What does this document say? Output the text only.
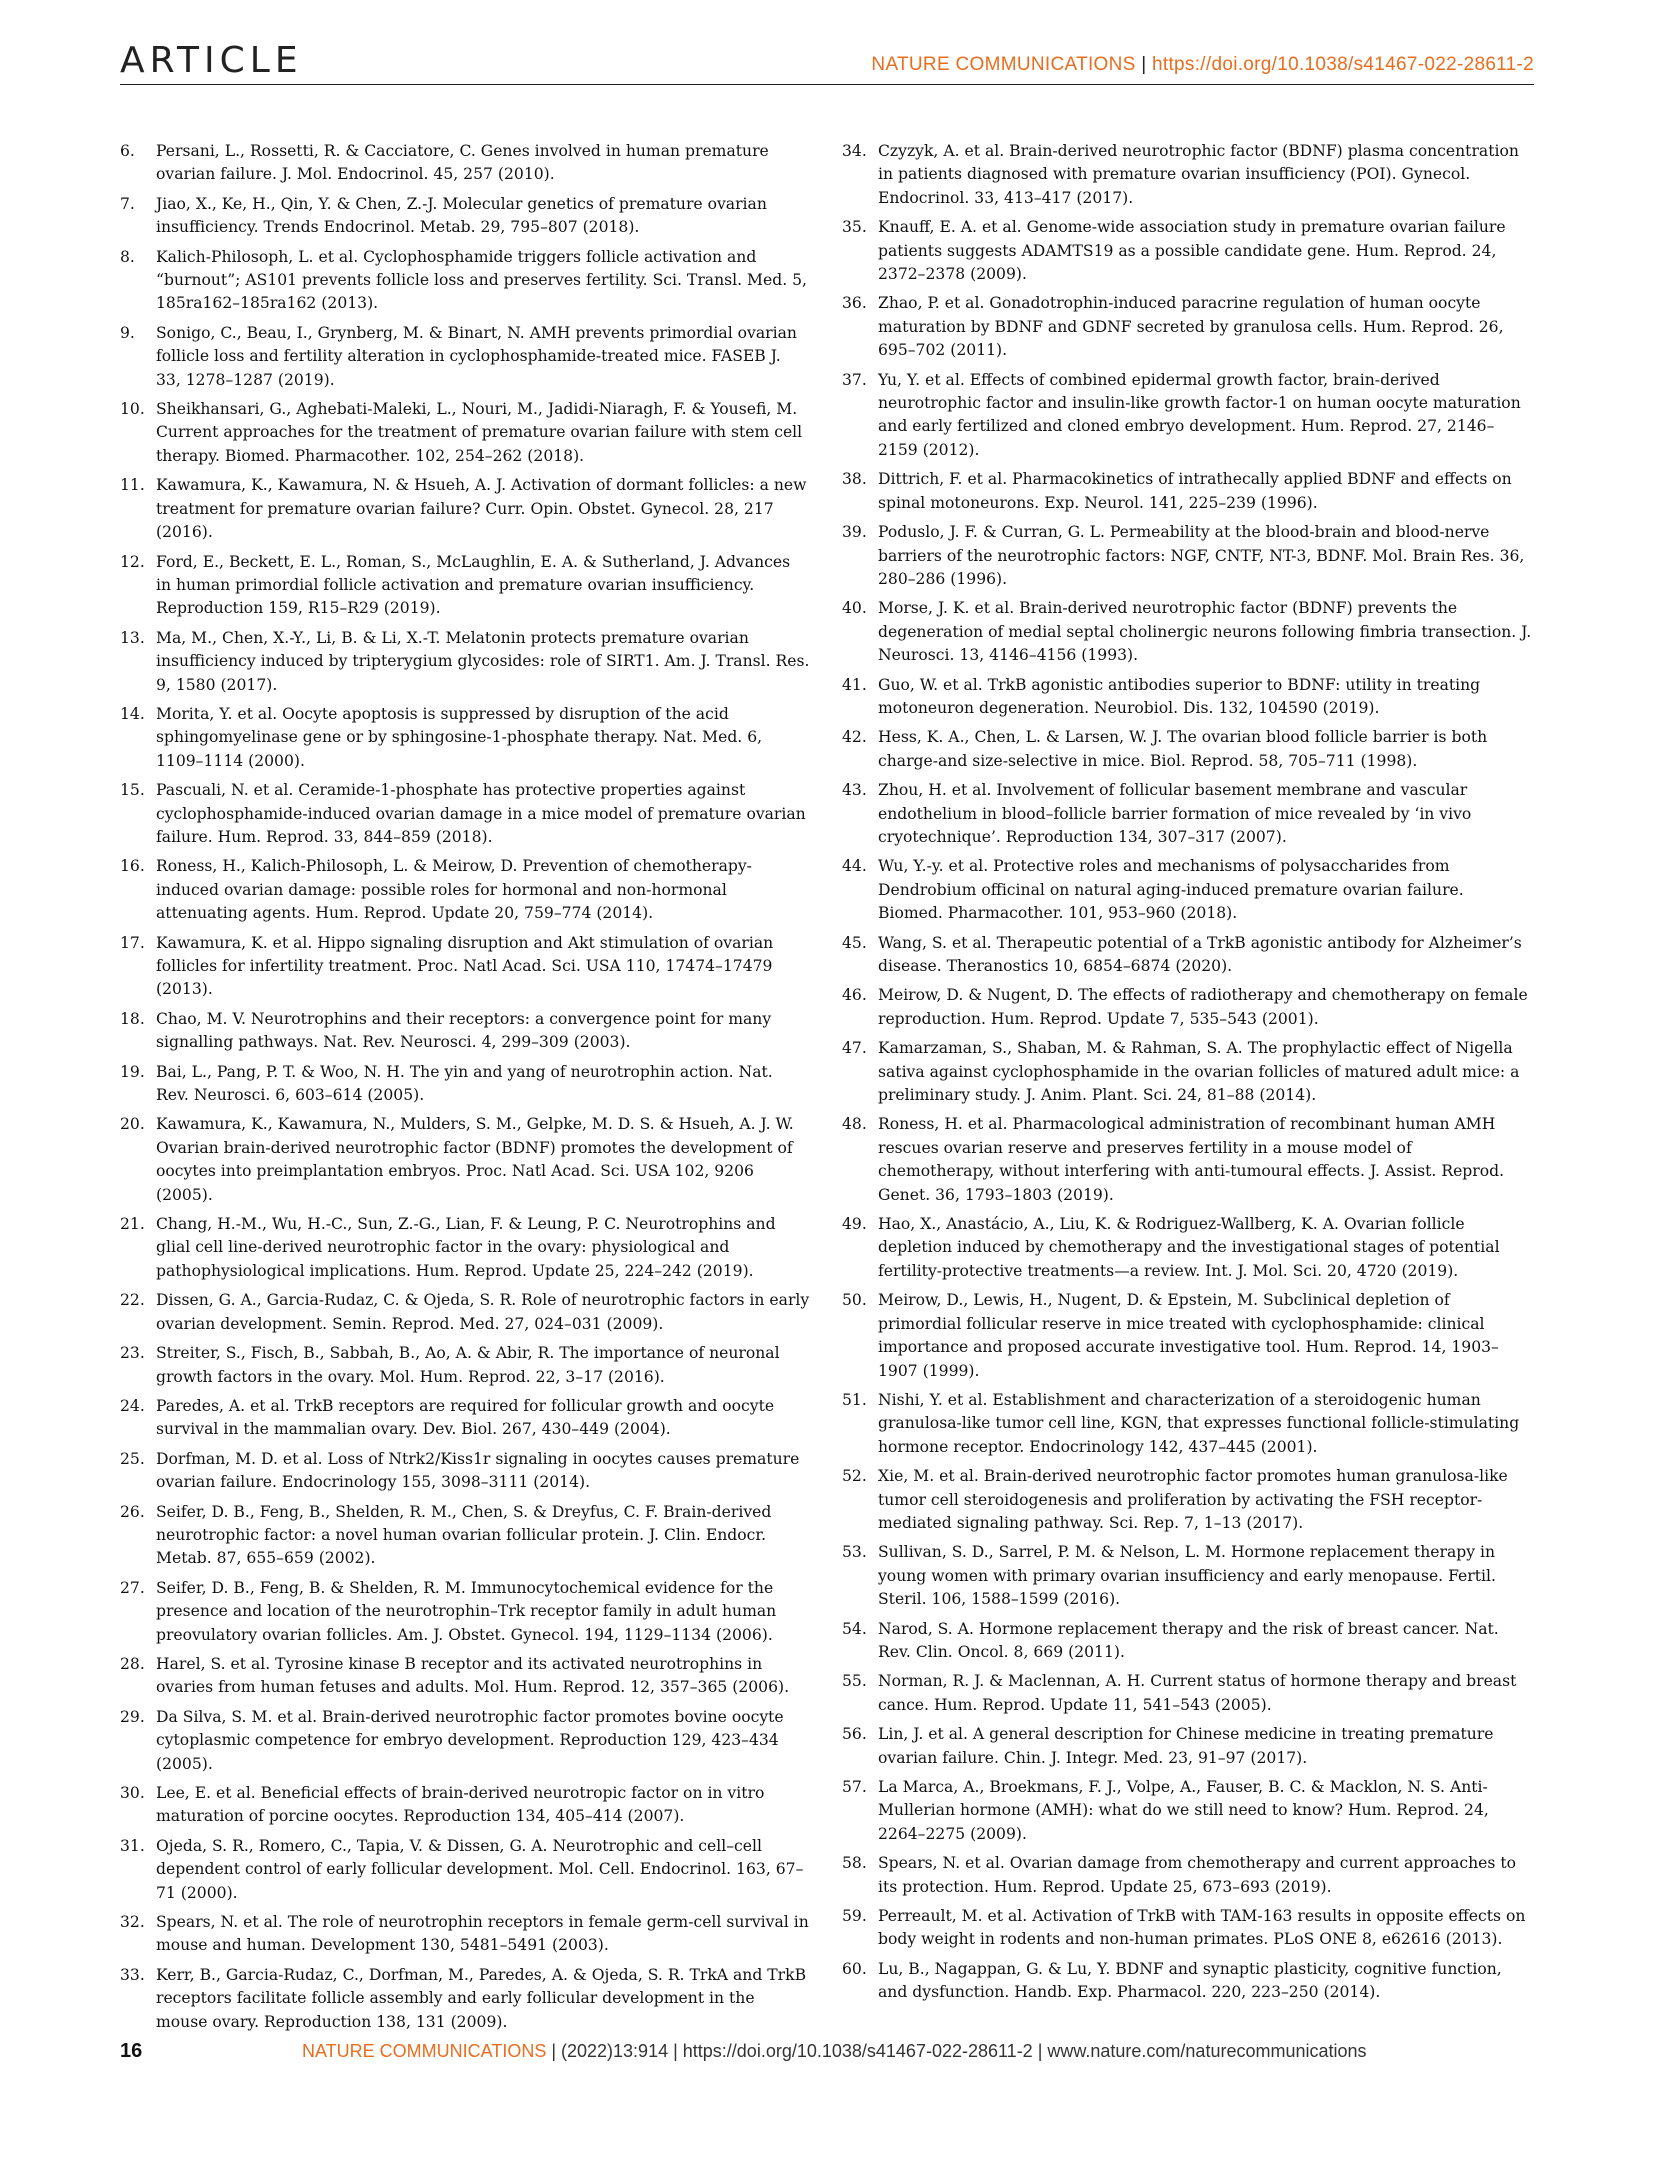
ARTICLE	NATURE COMMUNICATIONS | https://doi.org/10.1038/s41467-022-28611-2
6.	Persani, L., Rossetti, R. & Cacciatore, C. Genes involved in human premature ovarian failure. J. Mol. Endocrinol. 45, 257 (2010).
7.	Jiao, X., Ke, H., Qin, Y. & Chen, Z.-J. Molecular genetics of premature ovarian insufficiency. Trends Endocrinol. Metab. 29, 795–807 (2018).
8.	Kalich-Philosoph, L. et al. Cyclophosphamide triggers follicle activation and “burnout”; AS101 prevents follicle loss and preserves fertility. Sci. Transl. Med. 5, 185ra162–185ra162 (2013).
9.	Sonigo, C., Beau, I., Grynberg, M. & Binart, N. AMH prevents primordial ovarian follicle loss and fertility alteration in cyclophosphamide-treated mice. FASEB J. 33, 1278–1287 (2019).
10. Sheikhansari, G., Aghebati-Maleki, L., Nouri, M., Jadidi-Niaragh, F. & Yousefi, M. Current approaches for the treatment of premature ovarian failure with stem cell therapy. Biomed. Pharmacother. 102, 254–262 (2018).
11. Kawamura, K., Kawamura, N. & Hsueh, A. J. Activation of dormant follicles: a new treatment for premature ovarian failure? Curr. Opin. Obstet. Gynecol. 28, 217 (2016).
12. Ford, E., Beckett, E. L., Roman, S., McLaughlin, E. A. & Sutherland, J. Advances in human primordial follicle activation and premature ovarian insufficiency. Reproduction 159, R15–R29 (2019).
13. Ma, M., Chen, X.-Y., Li, B. & Li, X.-T. Melatonin protects premature ovarian insufficiency induced by tripterygium glycosides: role of SIRT1. Am. J. Transl. Res. 9, 1580 (2017).
14. Morita, Y. et al. Oocyte apoptosis is suppressed by disruption of the acid sphingomyelinase gene or by sphingosine-1-phosphate therapy. Nat. Med. 6, 1109–1114 (2000).
15. Pascuali, N. et al. Ceramide-1-phosphate has protective properties against cyclophosphamide-induced ovarian damage in a mice model of premature ovarian failure. Hum. Reprod. 33, 844–859 (2018).
16. Roness, H., Kalich-Philosoph, L. & Meirow, D. Prevention of chemotherapy-induced ovarian damage: possible roles for hormonal and non-hormonal attenuating agents. Hum. Reprod. Update 20, 759–774 (2014).
17. Kawamura, K. et al. Hippo signaling disruption and Akt stimulation of ovarian follicles for infertility treatment. Proc. Natl Acad. Sci. USA 110, 17474–17479 (2013).
18. Chao, M. V. Neurotrophins and their receptors: a convergence point for many signalling pathways. Nat. Rev. Neurosci. 4, 299–309 (2003).
19. Bai, L., Pang, P. T. & Woo, N. H. The yin and yang of neurotrophin action. Nat. Rev. Neurosci. 6, 603–614 (2005).
20. Kawamura, K., Kawamura, N., Mulders, S. M., Gelpke, M. D. S. & Hsueh, A. J. W. Ovarian brain-derived neurotrophic factor (BDNF) promotes the development of oocytes into preimplantation embryos. Proc. Natl Acad. Sci. USA 102, 9206 (2005).
21. Chang, H.-M., Wu, H.-C., Sun, Z.-G., Lian, F. & Leung, P. C. Neurotrophins and glial cell line-derived neurotrophic factor in the ovary: physiological and pathophysiological implications. Hum. Reprod. Update 25, 224–242 (2019).
22. Dissen, G. A., Garcia-Rudaz, C. & Ojeda, S. R. Role of neurotrophic factors in early ovarian development. Semin. Reprod. Med. 27, 024–031 (2009).
23. Streiter, S., Fisch, B., Sabbah, B., Ao, A. & Abir, R. The importance of neuronal growth factors in the ovary. Mol. Hum. Reprod. 22, 3–17 (2016).
24. Paredes, A. et al. TrkB receptors are required for follicular growth and oocyte survival in the mammalian ovary. Dev. Biol. 267, 430–449 (2004).
25. Dorfman, M. D. et al. Loss of Ntrk2/Kiss1r signaling in oocytes causes premature ovarian failure. Endocrinology 155, 3098–3111 (2014).
26. Seifer, D. B., Feng, B., Shelden, R. M., Chen, S. & Dreyfus, C. F. Brain-derived neurotrophic factor: a novel human ovarian follicular protein. J. Clin. Endocr. Metab. 87, 655–659 (2002).
27. Seifer, D. B., Feng, B. & Shelden, R. M. Immunocytochemical evidence for the presence and location of the neurotrophin–Trk receptor family in adult human preovulatory ovarian follicles. Am. J. Obstet. Gynecol. 194, 1129–1134 (2006).
28. Harel, S. et al. Tyrosine kinase B receptor and its activated neurotrophins in ovaries from human fetuses and adults. Mol. Hum. Reprod. 12, 357–365 (2006).
29. Da Silva, S. M. et al. Brain-derived neurotrophic factor promotes bovine oocyte cytoplasmic competence for embryo development. Reproduction 129, 423–434 (2005).
30. Lee, E. et al. Beneficial effects of brain-derived neurotropic factor on in vitro maturation of porcine oocytes. Reproduction 134, 405–414 (2007).
31. Ojeda, S. R., Romero, C., Tapia, V. & Dissen, G. A. Neurotrophic and cell–cell dependent control of early follicular development. Mol. Cell. Endocrinol. 163, 67–71 (2000).
32. Spears, N. et al. The role of neurotrophin receptors in female germ-cell survival in mouse and human. Development 130, 5481–5491 (2003).
33. Kerr, B., Garcia-Rudaz, C., Dorfman, M., Paredes, A. & Ojeda, S. R. TrkA and TrkB receptors facilitate follicle assembly and early follicular development in the mouse ovary. Reproduction 138, 131 (2009).
34. Czyzyk, A. et al. Brain-derived neurotrophic factor (BDNF) plasma concentration in patients diagnosed with premature ovarian insufficiency (POI). Gynecol. Endocrinol. 33, 413–417 (2017).
35. Knauff, E. A. et al. Genome-wide association study in premature ovarian failure patients suggests ADAMTS19 as a possible candidate gene. Hum. Reprod. 24, 2372–2378 (2009).
36. Zhao, P. et al. Gonadotrophin-induced paracrine regulation of human oocyte maturation by BDNF and GDNF secreted by granulosa cells. Hum. Reprod. 26, 695–702 (2011).
37. Yu, Y. et al. Effects of combined epidermal growth factor, brain-derived neurotrophic factor and insulin-like growth factor-1 on human oocyte maturation and early fertilized and cloned embryo development. Hum. Reprod. 27, 2146–2159 (2012).
38. Dittrich, F. et al. Pharmacokinetics of intrathecally applied BDNF and effects on spinal motoneurons. Exp. Neurol. 141, 225–239 (1996).
39. Poduslo, J. F. & Curran, G. L. Permeability at the blood-brain and blood-nerve barriers of the neurotrophic factors: NGF, CNTF, NT-3, BDNF. Mol. Brain Res. 36, 280–286 (1996).
40. Morse, J. K. et al. Brain-derived neurotrophic factor (BDNF) prevents the degeneration of medial septal cholinergic neurons following fimbria transection. J. Neurosci. 13, 4146–4156 (1993).
41. Guo, W. et al. TrkB agonistic antibodies superior to BDNF: utility in treating motoneuron degeneration. Neurobiol. Dis. 132, 104590 (2019).
42. Hess, K. A., Chen, L. & Larsen, W. J. The ovarian blood follicle barrier is both charge-and size-selective in mice. Biol. Reprod. 58, 705–711 (1998).
43. Zhou, H. et al. Involvement of follicular basement membrane and vascular endothelium in blood–follicle barrier formation of mice revealed by ‘in vivo cryotechnique’. Reproduction 134, 307–317 (2007).
44. Wu, Y.-y. et al. Protective roles and mechanisms of polysaccharides from Dendrobium officinal on natural aging-induced premature ovarian failure. Biomed. Pharmacother. 101, 953–960 (2018).
45. Wang, S. et al. Therapeutic potential of a TrkB agonistic antibody for Alzheimer’s disease. Theranostics 10, 6854–6874 (2020).
46. Meirow, D. & Nugent, D. The effects of radiotherapy and chemotherapy on female reproduction. Hum. Reprod. Update 7, 535–543 (2001).
47. Kamarzaman, S., Shaban, M. & Rahman, S. A. The prophylactic effect of Nigella sativa against cyclophosphamide in the ovarian follicles of matured adult mice: a preliminary study. J. Anim. Plant. Sci. 24, 81–88 (2014).
48. Roness, H. et al. Pharmacological administration of recombinant human AMH rescues ovarian reserve and preserves fertility in a mouse model of chemotherapy, without interfering with anti-tumoural effects. J. Assist. Reprod. Genet. 36, 1793–1803 (2019).
49. Hao, X., Anastácio, A., Liu, K. & Rodriguez-Wallberg, K. A. Ovarian follicle depletion induced by chemotherapy and the investigational stages of potential fertility-protective treatments—a review. Int. J. Mol. Sci. 20, 4720 (2019).
50. Meirow, D., Lewis, H., Nugent, D. & Epstein, M. Subclinical depletion of primordial follicular reserve in mice treated with cyclophosphamide: clinical importance and proposed accurate investigative tool. Hum. Reprod. 14, 1903–1907 (1999).
51. Nishi, Y. et al. Establishment and characterization of a steroidogenic human granulosa-like tumor cell line, KGN, that expresses functional follicle-stimulating hormone receptor. Endocrinology 142, 437–445 (2001).
52. Xie, M. et al. Brain-derived neurotrophic factor promotes human granulosa-like tumor cell steroidogenesis and proliferation by activating the FSH receptor-mediated signaling pathway. Sci. Rep. 7, 1–13 (2017).
53. Sullivan, S. D., Sarrel, P. M. & Nelson, L. M. Hormone replacement therapy in young women with primary ovarian insufficiency and early menopause. Fertil. Steril. 106, 1588–1599 (2016).
54. Narod, S. A. Hormone replacement therapy and the risk of breast cancer. Nat. Rev. Clin. Oncol. 8, 669 (2011).
55. Norman, R. J. & Maclennan, A. H. Current status of hormone therapy and breast cance. Hum. Reprod. Update 11, 541–543 (2005).
56. Lin, J. et al. A general description for Chinese medicine in treating premature ovarian failure. Chin. J. Integr. Med. 23, 91–97 (2017).
57. La Marca, A., Broekmans, F. J., Volpe, A., Fauser, B. C. & Macklon, N. S. Anti-Mullerian hormone (AMH): what do we still need to know? Hum. Reprod. 24, 2264–2275 (2009).
58. Spears, N. et al. Ovarian damage from chemotherapy and current approaches to its protection. Hum. Reprod. Update 25, 673–693 (2019).
59. Perreault, M. et al. Activation of TrkB with TAM-163 results in opposite effects on body weight in rodents and non-human primates. PLoS ONE 8, e62616 (2013).
60. Lu, B., Nagappan, G. & Lu, Y. BDNF and synaptic plasticity, cognitive function, and dysfunction. Handb. Exp. Pharmacol. 220, 223–250 (2014).
16	NATURE COMMUNICATIONS | (2022)13:914 | https://doi.org/10.1038/s41467-022-28611-2 | www.nature.com/naturecommunications
